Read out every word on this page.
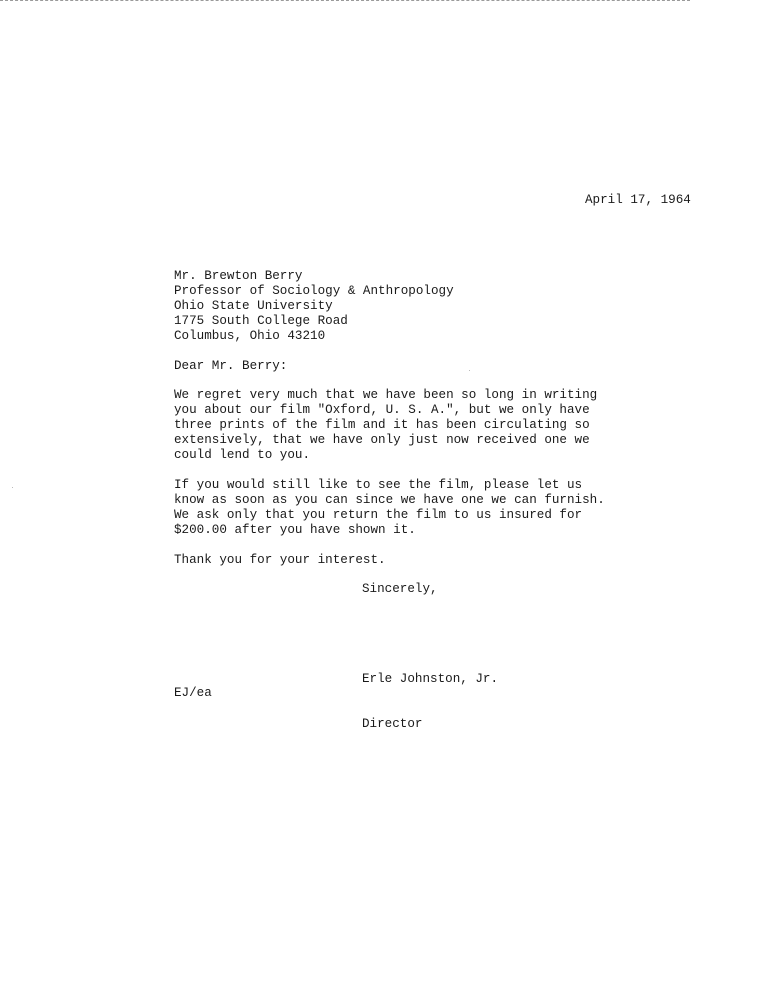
April 17, 1964
Mr. Brewton Berry
Professor of Sociology & Anthropology
Ohio State University
1775 South College Road
Columbus, Ohio 43210
Dear Mr. Berry:
We regret very much that we have been so long in writing
you about our film "Oxford, U. S. A.", but we only have
three prints of the film and it has been circulating so
extensively, that we have only just now received one we
could lend to you.
If you would still like to see the film, please let us
know as soon as you can since we have one we can furnish.
We ask only that you return the film to us insured for
$200.00 after you have shown it.
Thank you for your interest.
Sincerely,

Erle Johnston, Jr.

Director

EJ/ea
